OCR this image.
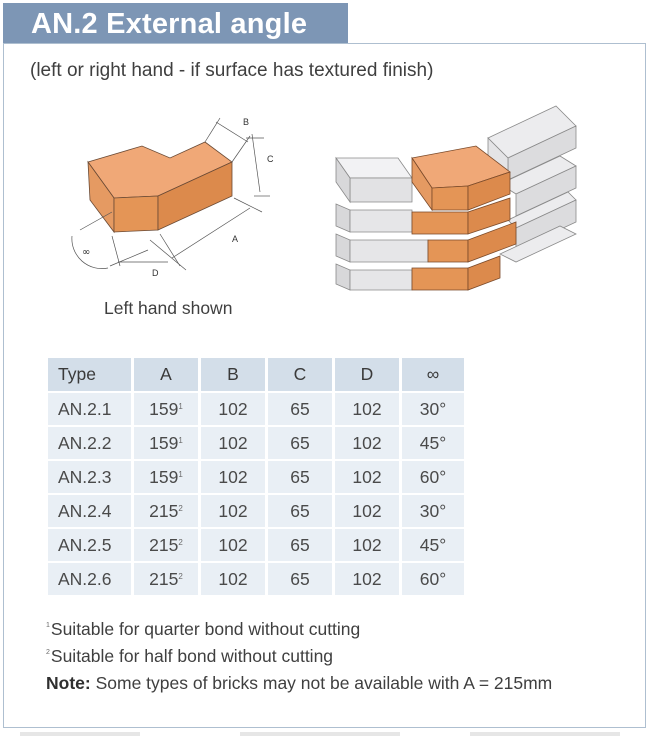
AN.2 External angle
(left or right hand - if surface has textured finish)
B
C
A
D
∞
Left hand shown
Type	A	B	C	D	∞
AN.2.1	$159^1$	102	65	102	30°
AN.2.2	$159^1$	102	65	102	45°
AN.2.3	$159^1$	102	65	102	60°
AN.2.4	$215^2$	102	65	102	30°
AN.2.5	$215^2$	102	65	102	45°
AN.2.6	$215^2$	102	65	102	60°
$^1$Suitable for quarter bond without cutting
$^2$Suitable for half bond without cutting
Note: Some types of bricks may not be available with A = 215mm
